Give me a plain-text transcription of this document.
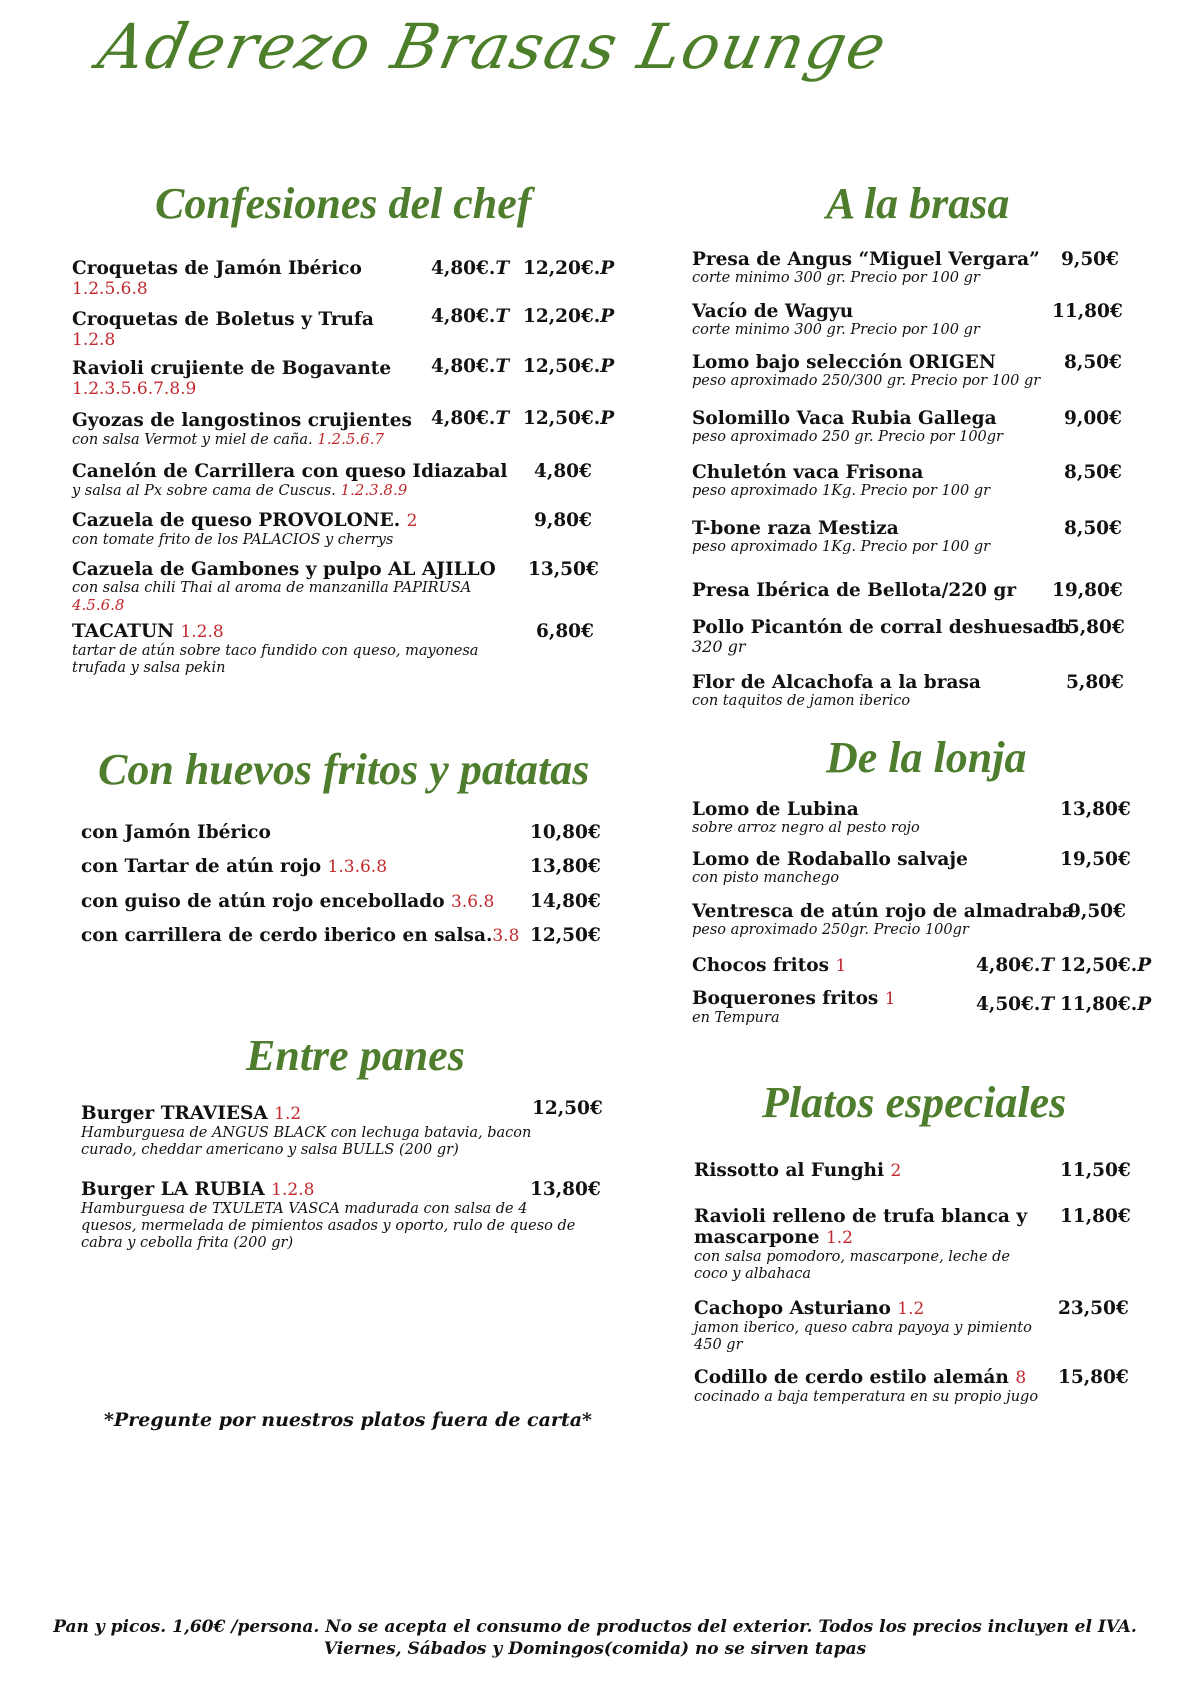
Aderezo Brasas Lounge
Confesiones del chef
Croquetas de Jamón Ibérico
1.2.5.6.8
4,80€.T 12,20€.P
Croquetas de Boletus y Trufa
1.2.8
4,80€.T 12,20€.P
Ravioli crujiente de Bogavante
1.2.3.5.6.7.8.9
4,80€.T 12,50€.P
Gyozas de langostinos crujientes
con salsa Vermot y miel de caña. 1.2.5.6.7
4,80€.T 12,50€.P
Canelón de Carrillera con queso Idiazabal
y salsa al Px sobre cama de Cuscus. 1.2.3.8.9
4,80€
Cazuela de queso PROVOLONE. 2
con tomate frito de los PALACIOS y cherrys
9,80€
Cazuela de Gambones y pulpo AL AJILLO
con salsa chili Thai al aroma de manzanilla PAPIRUSA
4.5.6.8
13,50€
TACATUN 1.2.8
tartar de atún sobre taco fundido con queso, mayonesa trufada y salsa pekin
6,80€
Con huevos fritos y patatas
con Jamón Ibérico	10,80€
con Tartar de atún rojo 1.3.6.8	13,80€
con guiso de atún rojo encebollado 3.6.8 14,80€
con carrillera de cerdo iberico en salsa.3.8 12,50€
Entre panes
Burger TRAVIESA 1.2
Hamburguesa de ANGUS BLACK con lechuga batavia, bacon curado, cheddar americano y salsa BULLS (200 gr)
12,50€
Burger LA RUBIA 1.2.8
Hamburguesa de TXULETA VASCA madurada con salsa de 4 quesos, mermelada de pimientos asados y oporto, rulo de queso de cabra y cebolla frita (200 gr)
13,80€
*Pregunte por nuestros platos fuera de carta*
A la brasa
Presa de Angus “Miguel Vergara”
corte minimo 300 gr. Precio por 100 gr
9,50€
Vacío de Wagyu
corte minimo 300 gr. Precio por 100 gr
11,80€
Lomo bajo selección ORIGEN
peso aproximado 250/300 gr. Precio por 100 gr
8,50€
Solomillo Vaca Rubia Gallega
peso aproximado 250 gr. Precio por 100gr
9,00€
Chuletón vaca Frisona
peso aproximado 1Kg. Precio por 100 gr
8,50€
T-bone raza Mestiza
peso aproximado 1Kg. Precio por 100 gr
8,50€
Presa Ibérica de Bellota/220 gr 19,80€
Pollo Picantón de corral deshuesado
320 gr
15,80€
Flor de Alcachofa a la brasa
con taquitos de jamon iberico
5,80€
De la lonja
Lomo de Lubina
sobre arroz negro al pesto rojo
13,80€
Lomo de Rodaballo salvaje
con pisto manchego
19,50€
Ventresca de atún rojo de almadraba
peso aproximado 250gr. Precio 100gr
9,50€
Chocos fritos 1	4,80€.T 12,50€.P
Boquerones fritos 1
en Tempura
4,50€.T 11,80€.P
Platos especiales
Rissotto al Funghi 2	11,50€
Ravioli relleno de trufa blanca y
mascarpone 1.2
con salsa pomodoro, mascarpone, leche de coco y albahaca
11,80€
Cachopo Asturiano 1.2
jamon iberico, queso cabra payoya y pimiento 450 gr
23,50€
Codillo de cerdo estilo alemán 8
cocinado a baja temperatura en su propio jugo
15,80€
Pan y picos. 1,60€ /persona. No se acepta el consumo de productos del exterior. Todos los precios incluyen el IVA.
Viernes, Sábados y Domingos(comida) no se sirven tapas
